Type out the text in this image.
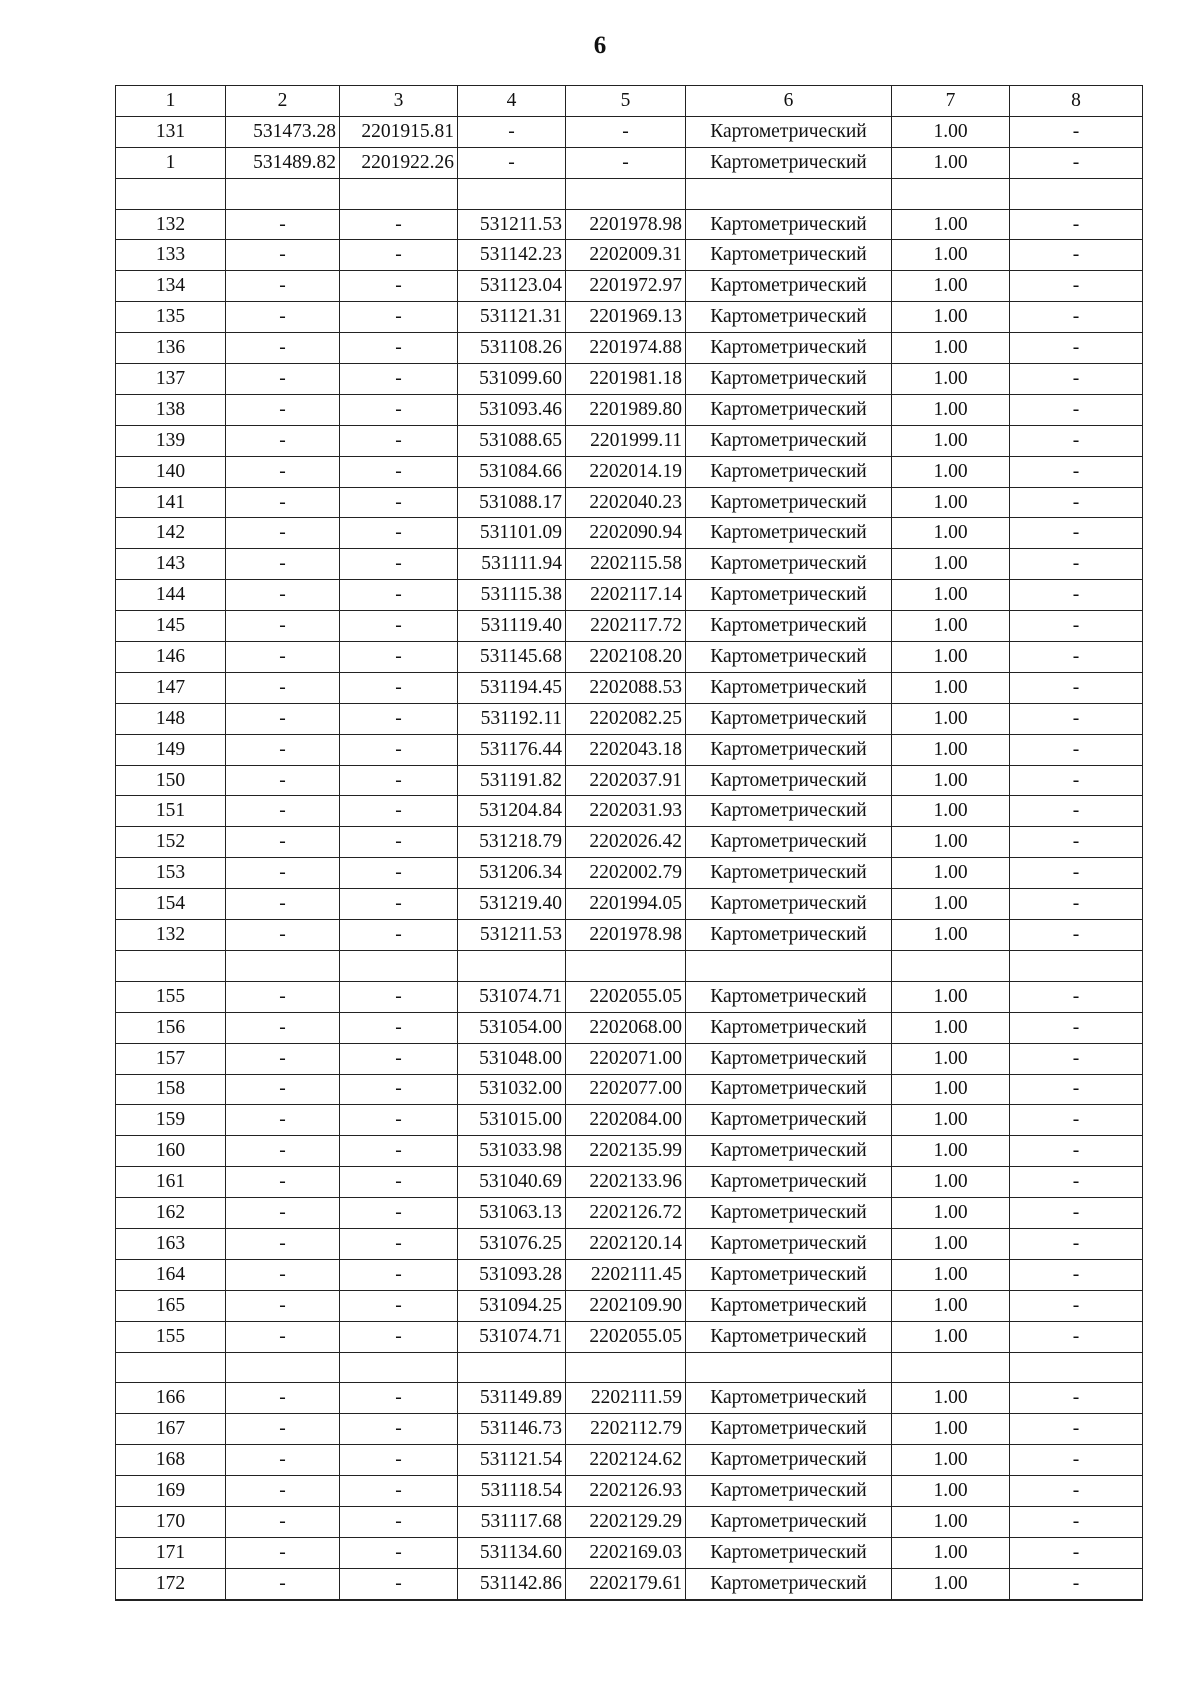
6
1	2	3	4	5	6	7	8
131	531473.28	2201915.81	-	-	Картометрический	1.00	-
1	531489.82	2201922.26	-	-	Картометрический	1.00	-

132	-	-	531211.53	2201978.98	Картометрический	1.00	-
133	-	-	531142.23	2202009.31	Картометрический	1.00	-
134	-	-	531123.04	2201972.97	Картометрический	1.00	-
135	-	-	531121.31	2201969.13	Картометрический	1.00	-
136	-	-	531108.26	2201974.88	Картометрический	1.00	-
137	-	-	531099.60	2201981.18	Картометрический	1.00	-
138	-	-	531093.46	2201989.80	Картометрический	1.00	-
139	-	-	531088.65	2201999.11	Картометрический	1.00	-
140	-	-	531084.66	2202014.19	Картометрический	1.00	-
141	-	-	531088.17	2202040.23	Картометрический	1.00	-
142	-	-	531101.09	2202090.94	Картометрический	1.00	-
143	-	-	531111.94	2202115.58	Картометрический	1.00	-
144	-	-	531115.38	2202117.14	Картометрический	1.00	-
145	-	-	531119.40	2202117.72	Картометрический	1.00	-
146	-	-	531145.68	2202108.20	Картометрический	1.00	-
147	-	-	531194.45	2202088.53	Картометрический	1.00	-
148	-	-	531192.11	2202082.25	Картометрический	1.00	-
149	-	-	531176.44	2202043.18	Картометрический	1.00	-
150	-	-	531191.82	2202037.91	Картометрический	1.00	-
151	-	-	531204.84	2202031.93	Картометрический	1.00	-
152	-	-	531218.79	2202026.42	Картометрический	1.00	-
153	-	-	531206.34	2202002.79	Картометрический	1.00	-
154	-	-	531219.40	2201994.05	Картометрический	1.00	-
132	-	-	531211.53	2201978.98	Картометрический	1.00	-

155	-	-	531074.71	2202055.05	Картометрический	1.00	-
156	-	-	531054.00	2202068.00	Картометрический	1.00	-
157	-	-	531048.00	2202071.00	Картометрический	1.00	-
158	-	-	531032.00	2202077.00	Картометрический	1.00	-
159	-	-	531015.00	2202084.00	Картометрический	1.00	-
160	-	-	531033.98	2202135.99	Картометрический	1.00	-
161	-	-	531040.69	2202133.96	Картометрический	1.00	-
162	-	-	531063.13	2202126.72	Картометрический	1.00	-
163	-	-	531076.25	2202120.14	Картометрический	1.00	-
164	-	-	531093.28	2202111.45	Картометрический	1.00	-
165	-	-	531094.25	2202109.90	Картометрический	1.00	-
155	-	-	531074.71	2202055.05	Картометрический	1.00	-

166	-	-	531149.89	2202111.59	Картометрический	1.00	-
167	-	-	531146.73	2202112.79	Картометрический	1.00	-
168	-	-	531121.54	2202124.62	Картометрический	1.00	-
169	-	-	531118.54	2202126.93	Картометрический	1.00	-
170	-	-	531117.68	2202129.29	Картометрический	1.00	-
171	-	-	531134.60	2202169.03	Картометрический	1.00	-
172	-	-	531142.86	2202179.61	Картометрический	1.00	-
